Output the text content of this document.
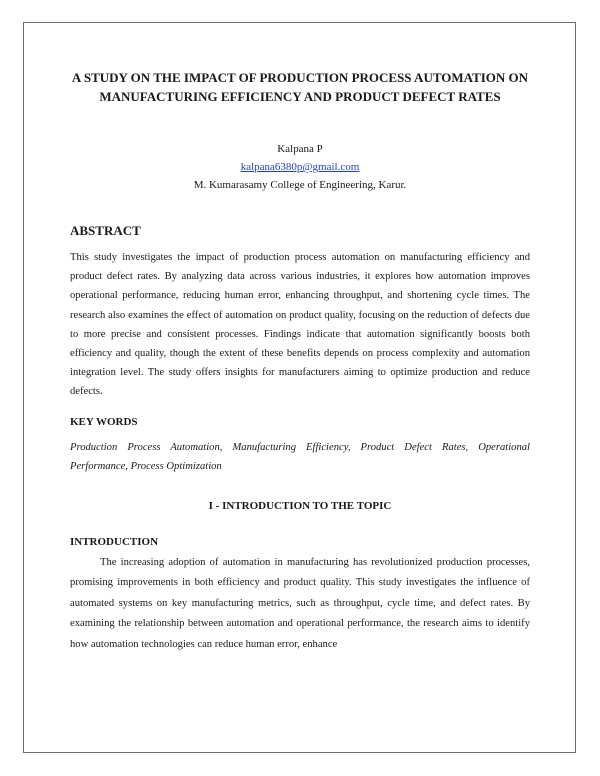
A STUDY ON THE IMPACT OF PRODUCTION PROCESS AUTOMATION ON MANUFACTURING EFFICIENCY AND PRODUCT DEFECT RATES
Kalpana P
kalpana6380p@gmail.com
M. Kumarasamy College of Engineering, Karur.
ABSTRACT

This study investigates the impact of production process automation on manufacturing efficiency and product defect rates. By analyzing data across various industries, it explores how automation improves operational performance, reducing human error, enhancing throughput, and shortening cycle times. The research also examines the effect of automation on product quality, focusing on the reduction of defects due to more precise and consistent processes. Findings indicate that automation significantly boosts both efficiency and quality, though the extent of these benefits depends on process complexity and automation integration level. The study offers insights for manufacturers aiming to optimize production and reduce defects.

KEY WORDS

Production Process Automation, Manufacturing Efficiency, Product Defect Rates, Operational Performance, Process Optimization

I - INTRODUCTION TO THE TOPIC
INTRODUCTION

The increasing adoption of automation in manufacturing has revolutionized production processes, promising improvements in both efficiency and product quality. This study investigates the influence of automated systems on key manufacturing metrics, such as throughput, cycle time, and defect rates. By examining the relationship between automation and operational performance, the research aims to identify how automation technologies can reduce human error, enhance
